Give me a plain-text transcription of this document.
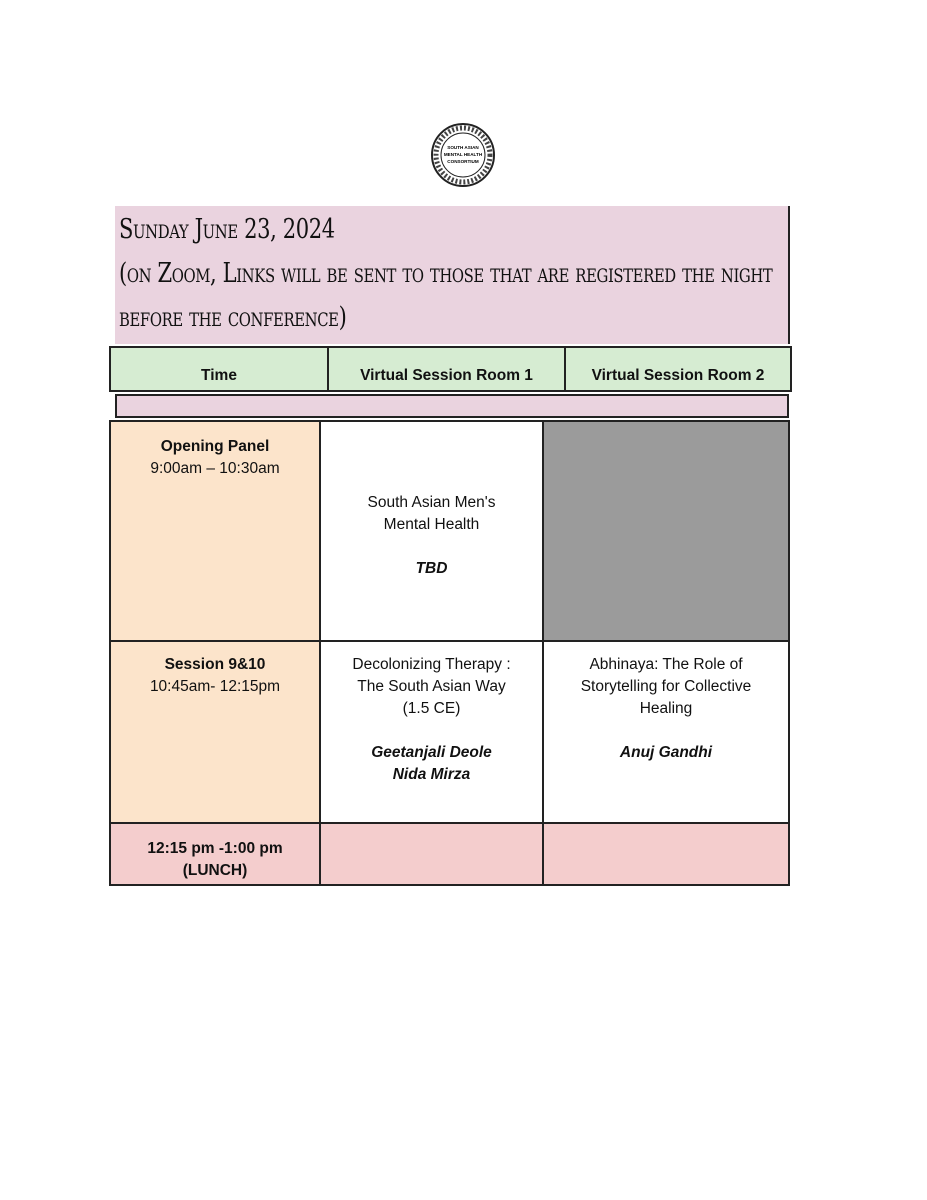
SOUTH ASIAN
MENTAL HEALTH
CONSORTIUM
Sunday June 23, 2024
(on Zoom, Links will be sent to those that are registered the night
before the conference)
Time	Virtual Session Room 1	Virtual Session Room 2
Opening Panel
9:00am – 10:30am
South Asian Men's
Mental Health
TBD
Session 9&10
10:45am- 12:15pm
Decolonizing Therapy :
The South Asian Way
(1.5 CE)
Geetanjali Deole
Nida Mirza
Abhinaya: The Role of
Storytelling for Collective
Healing
Anuj Gandhi
12:15 pm -1:00 pm
(LUNCH)
